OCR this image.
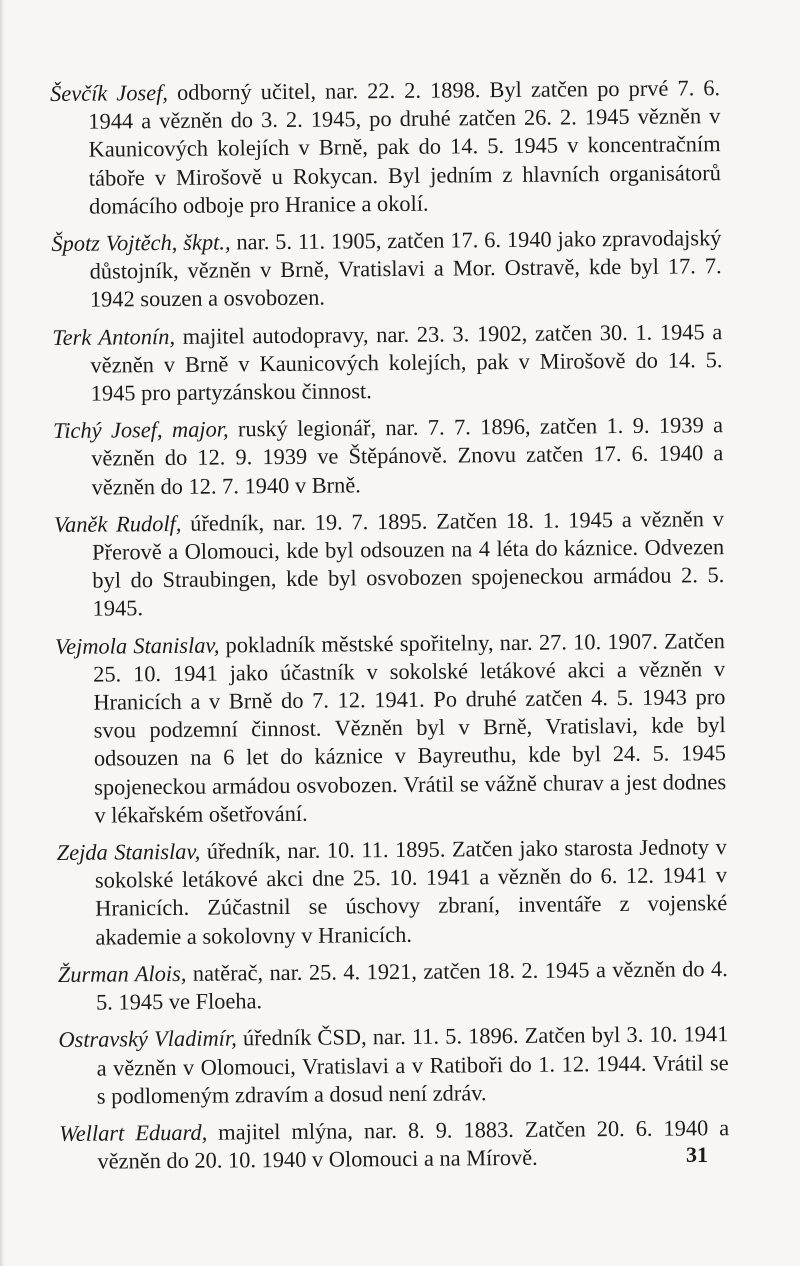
Ševčík Josef, odborný učitel, nar. 22. 2. 1898. Byl zatčen po prvé 7. 6. 1944 a vězněn do 3. 2. 1945, po druhé zatčen 26. 2. 1945 vězněn v Kaunicových kolejích v Brně, pak do 14. 5. 1945 v koncentračním táboře v Mirošově u Rokycan. Byl jedním z hlavních organisátorů domácího odboje pro Hranice a okolí.

Špotz Vojtěch, škpt., nar. 5. 11. 1905, zatčen 17. 6. 1940 jako zpravodajský důstojník, vězněn v Brně, Vratislavi a Mor. Ostravě, kde byl 17. 7. 1942 souzen a osvobozen.

Terk Antonín, majitel autodopravy, nar. 23. 3. 1902, zatčen 30. 1. 1945 a vězněn v Brně v Kaunicových kolejích, pak v Mirošově do 14. 5. 1945 pro partyzánskou činnost.

Tichý Josef, major, ruský legionář, nar. 7. 7. 1896, zatčen 1. 9. 1939 a vězněn do 12. 9. 1939 ve Štěpánově. Znovu zatčen 17. 6. 1940 a vězněn do 12. 7. 1940 v Brně.

Vaněk Rudolf, úředník, nar. 19. 7. 1895. Zatčen 18. 1. 1945 a vězněn v Přerově a Olomouci, kde byl odsouzen na 4 léta do káznice. Odvezen byl do Straubingen, kde byl osvobozen spojeneckou armádou 2. 5. 1945.

Vejmola Stanislav, pokladník městské spořitelny, nar. 27. 10. 1907. Zatčen 25. 10. 1941 jako účastník v sokolské letákové akci a vězněn v Hranicích a v Brně do 7. 12. 1941. Po druhé zatčen 4. 5. 1943 pro svou podzemní činnost. Vězněn byl v Brně, Vratislavi, kde byl odsouzen na 6 let do káznice v Bayreuthu, kde byl 24. 5. 1945 spojeneckou armádou osvobozen. Vrátil se vážně churav a jest dodnes v lékařském ošetřování.

Zejda Stanislav, úředník, nar. 10. 11. 1895. Zatčen jako starosta Jednoty v sokolské letákové akci dne 25. 10. 1941 a vězněn do 6. 12. 1941 v Hranicích. Zúčastnil se úschovy zbraní, inventáře z vojenské akademie a sokolovny v Hranicích.

Žurman Alois, natěrač, nar. 25. 4. 1921, zatčen 18. 2. 1945 a vězněn do 4. 5. 1945 ve Floeha.

Ostravský Vladimír, úředník ČSD, nar. 11. 5. 1896. Zatčen byl 3. 10. 1941 a vězněn v Olomouci, Vratislavi a v Ratiboři do 1. 12. 1944. Vrátil se s podlomeným zdravím a dosud není zdráv.

Wellart Eduard, majitel mlýna, nar. 8. 9. 1883. Zatčen 20. 6. 1940 a vězněn do 20. 10. 1940 v Olomouci a na Mírově.	31
